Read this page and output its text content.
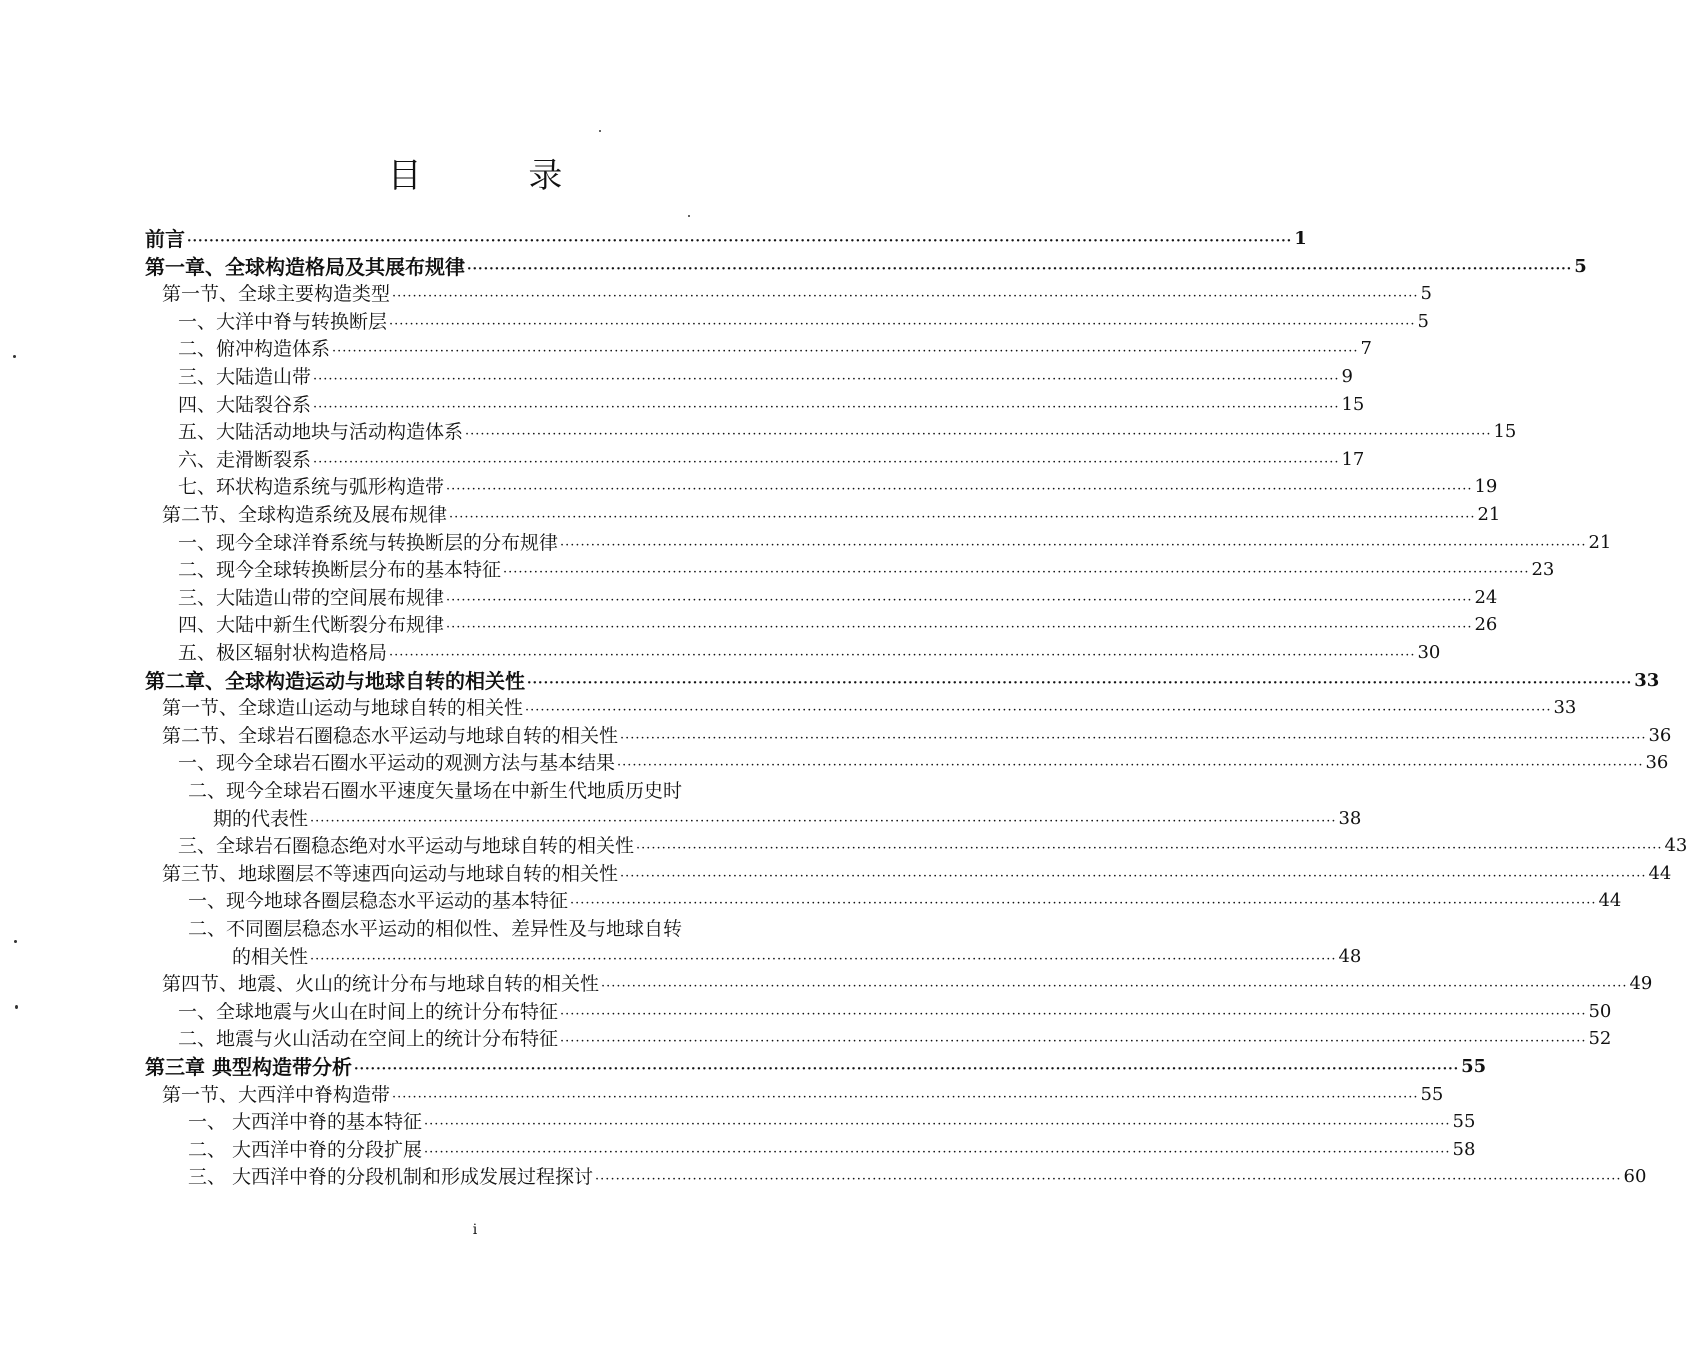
目 录
前言 ········································································································································································································ 1
第一章、全球构造格局及其展布规律 ········································································································································································································ 5
第一节、全球主要构造类型 ········································································································································································································ 5
一、大洋中脊与转换断层 ········································································································································································································ 5
二、俯冲构造体系 ········································································································································································································ 7
三、大陆造山带 ········································································································································································································ 9
四、大陆裂谷系 ········································································································································································································ 15
五、大陆活动地块与活动构造体系 ········································································································································································································ 15
六、走滑断裂系 ········································································································································································································ 17
七、环状构造系统与弧形构造带 ········································································································································································································ 19
第二节、全球构造系统及展布规律 ········································································································································································································ 21
一、现今全球洋脊系统与转换断层的分布规律 ········································································································································································································ 21
二、现今全球转换断层分布的基本特征 ········································································································································································································ 23
三、大陆造山带的空间展布规律 ········································································································································································································ 24
四、大陆中新生代断裂分布规律 ········································································································································································································ 26
五、极区辐射状构造格局 ········································································································································································································ 30
第二章、全球构造运动与地球自转的相关性 ········································································································································································································ 33
第一节、全球造山运动与地球自转的相关性 ········································································································································································································ 33
第二节、全球岩石圈稳态水平运动与地球自转的相关性 ········································································································································································································ 36
一、现今全球岩石圈水平运动的观测方法与基本结果 ········································································································································································································ 36
二、现今全球岩石圈水平速度矢量场在中新生代地质历史时
期的代表性 ········································································································································································································ 38
三、全球岩石圈稳态绝对水平运动与地球自转的相关性 ········································································································································································································ 43
第三节、地球圈层不等速西向运动与地球自转的相关性 ········································································································································································································ 44
一、现今地球各圈层稳态水平运动的基本特征 ········································································································································································································ 44
二、不同圈层稳态水平运动的相似性、差异性及与地球自转
的相关性 ········································································································································································································ 48
第四节、地震、火山的统计分布与地球自转的相关性 ········································································································································································································ 49
一、全球地震与火山在时间上的统计分布特征 ········································································································································································································ 50
二、地震与火山活动在空间上的统计分布特征 ········································································································································································································ 52
第三章 典型构造带分析 ········································································································································································································ 55
第一节、大西洋中脊构造带 ········································································································································································································ 55
一、 大西洋中脊的基本特征 ········································································································································································································ 55
二、 大西洋中脊的分段扩展 ········································································································································································································ 58
三、 大西洋中脊的分段机制和形成发展过程探讨 ········································································································································································································ 60
i
